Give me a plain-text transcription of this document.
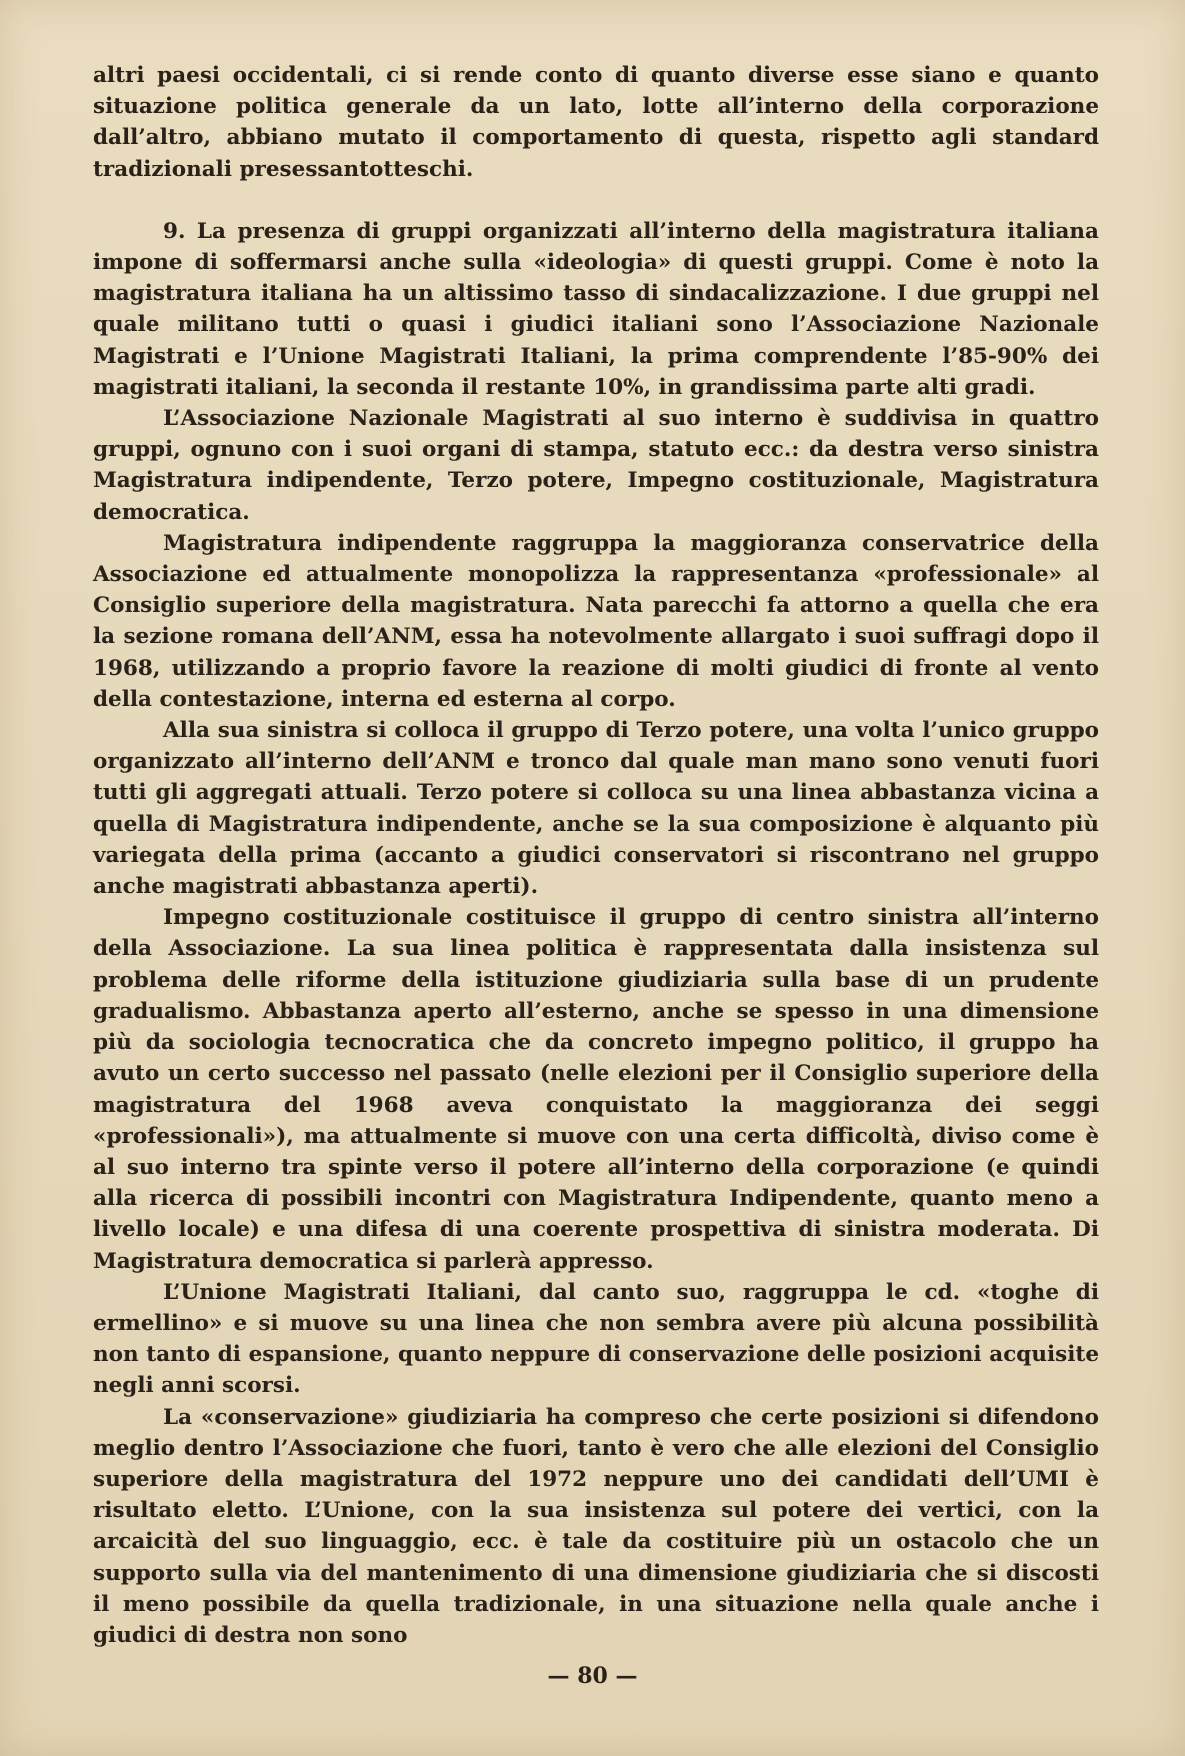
altri paesi occidentali, ci si rende conto di quanto diverse esse siano e quanto situazione politica generale da un lato, lotte all’interno della corporazione dall’altro, abbiano mutato il comportamento di questa, rispetto agli standard tradizionali presessantotteschi.

9. La presenza di gruppi organizzati all’interno della magistratura italiana impone di soffermarsi anche sulla «ideologia» di questi gruppi. Come è noto la magistratura italiana ha un altissimo tasso di sindacalizzazione. I due gruppi nel quale militano tutti o quasi i giudici italiani sono l’Associazione Nazionale Magistrati e l’Unione Magistrati Italiani, la prima comprendente l’85-90% dei magistrati italiani, la seconda il restante 10%, in grandissima parte alti gradi.

L’Associazione Nazionale Magistrati al suo interno è suddivisa in quattro gruppi, ognuno con i suoi organi di stampa, statuto ecc.: da destra verso sinistra Magistratura indipendente, Terzo potere, Impegno costituzionale, Magistratura democratica.

Magistratura indipendente raggruppa la maggioranza conservatrice della Associazione ed attualmente monopolizza la rappresentanza «professionale» al Consiglio superiore della magistratura. Nata parecchi fa attorno a quella che era la sezione romana dell’ANM, essa ha notevolmente allargato i suoi suffragi dopo il 1968, utilizzando a proprio favore la reazione di molti giudici di fronte al vento della contestazione, interna ed esterna al corpo.

Alla sua sinistra si colloca il gruppo di Terzo potere, una volta l’unico gruppo organizzato all’interno dell’ANM e tronco dal quale man mano sono venuti fuori tutti gli aggregati attuali. Terzo potere si colloca su una linea abbastanza vicina a quella di Magistratura indipendente, anche se la sua composizione è alquanto più variegata della prima (accanto a giudici conservatori si riscontrano nel gruppo anche magistrati abbastanza aperti).

Impegno costituzionale costituisce il gruppo di centro sinistra all’interno della Associazione. La sua linea politica è rappresentata dalla insistenza sul problema delle riforme della istituzione giudiziaria sulla base di un prudente gradualismo. Abbastanza aperto all’esterno, anche se spesso in una dimensione più da sociologia tecnocratica che da concreto impegno politico, il gruppo ha avuto un certo successo nel passato (nelle elezioni per il Consiglio superiore della magistratura del 1968 aveva conquistato la maggioranza dei seggi «professionali»), ma attualmente si muove con una certa difficoltà, diviso come è al suo interno tra spinte verso il potere all’interno della corporazione (e quindi alla ricerca di possibili incontri con Magistratura Indipendente, quanto meno a livello locale) e una difesa di una coerente prospettiva di sinistra moderata. Di Magistratura democratica si parlerà appresso.

L’Unione Magistrati Italiani, dal canto suo, raggruppa le cd. «toghe di ermellino» e si muove su una linea che non sembra avere più alcuna possibilità non tanto di espansione, quanto neppure di conservazione delle posizioni acquisite negli anni scorsi.

La «conservazione» giudiziaria ha compreso che certe posizioni si difendono meglio dentro l’Associazione che fuori, tanto è vero che alle elezioni del Consiglio superiore della magistratura del 1972 neppure uno dei candidati dell’UMI è risultato eletto. L’Unione, con la sua insistenza sul potere dei vertici, con la arcaicità del suo linguaggio, ecc. è tale da costituire più un ostacolo che un supporto sulla via del mantenimento di una dimensione giudiziaria che si discosti il meno possibile da quella tradizionale, in una situazione nella quale anche i giudici di destra non sono

— 80 —
